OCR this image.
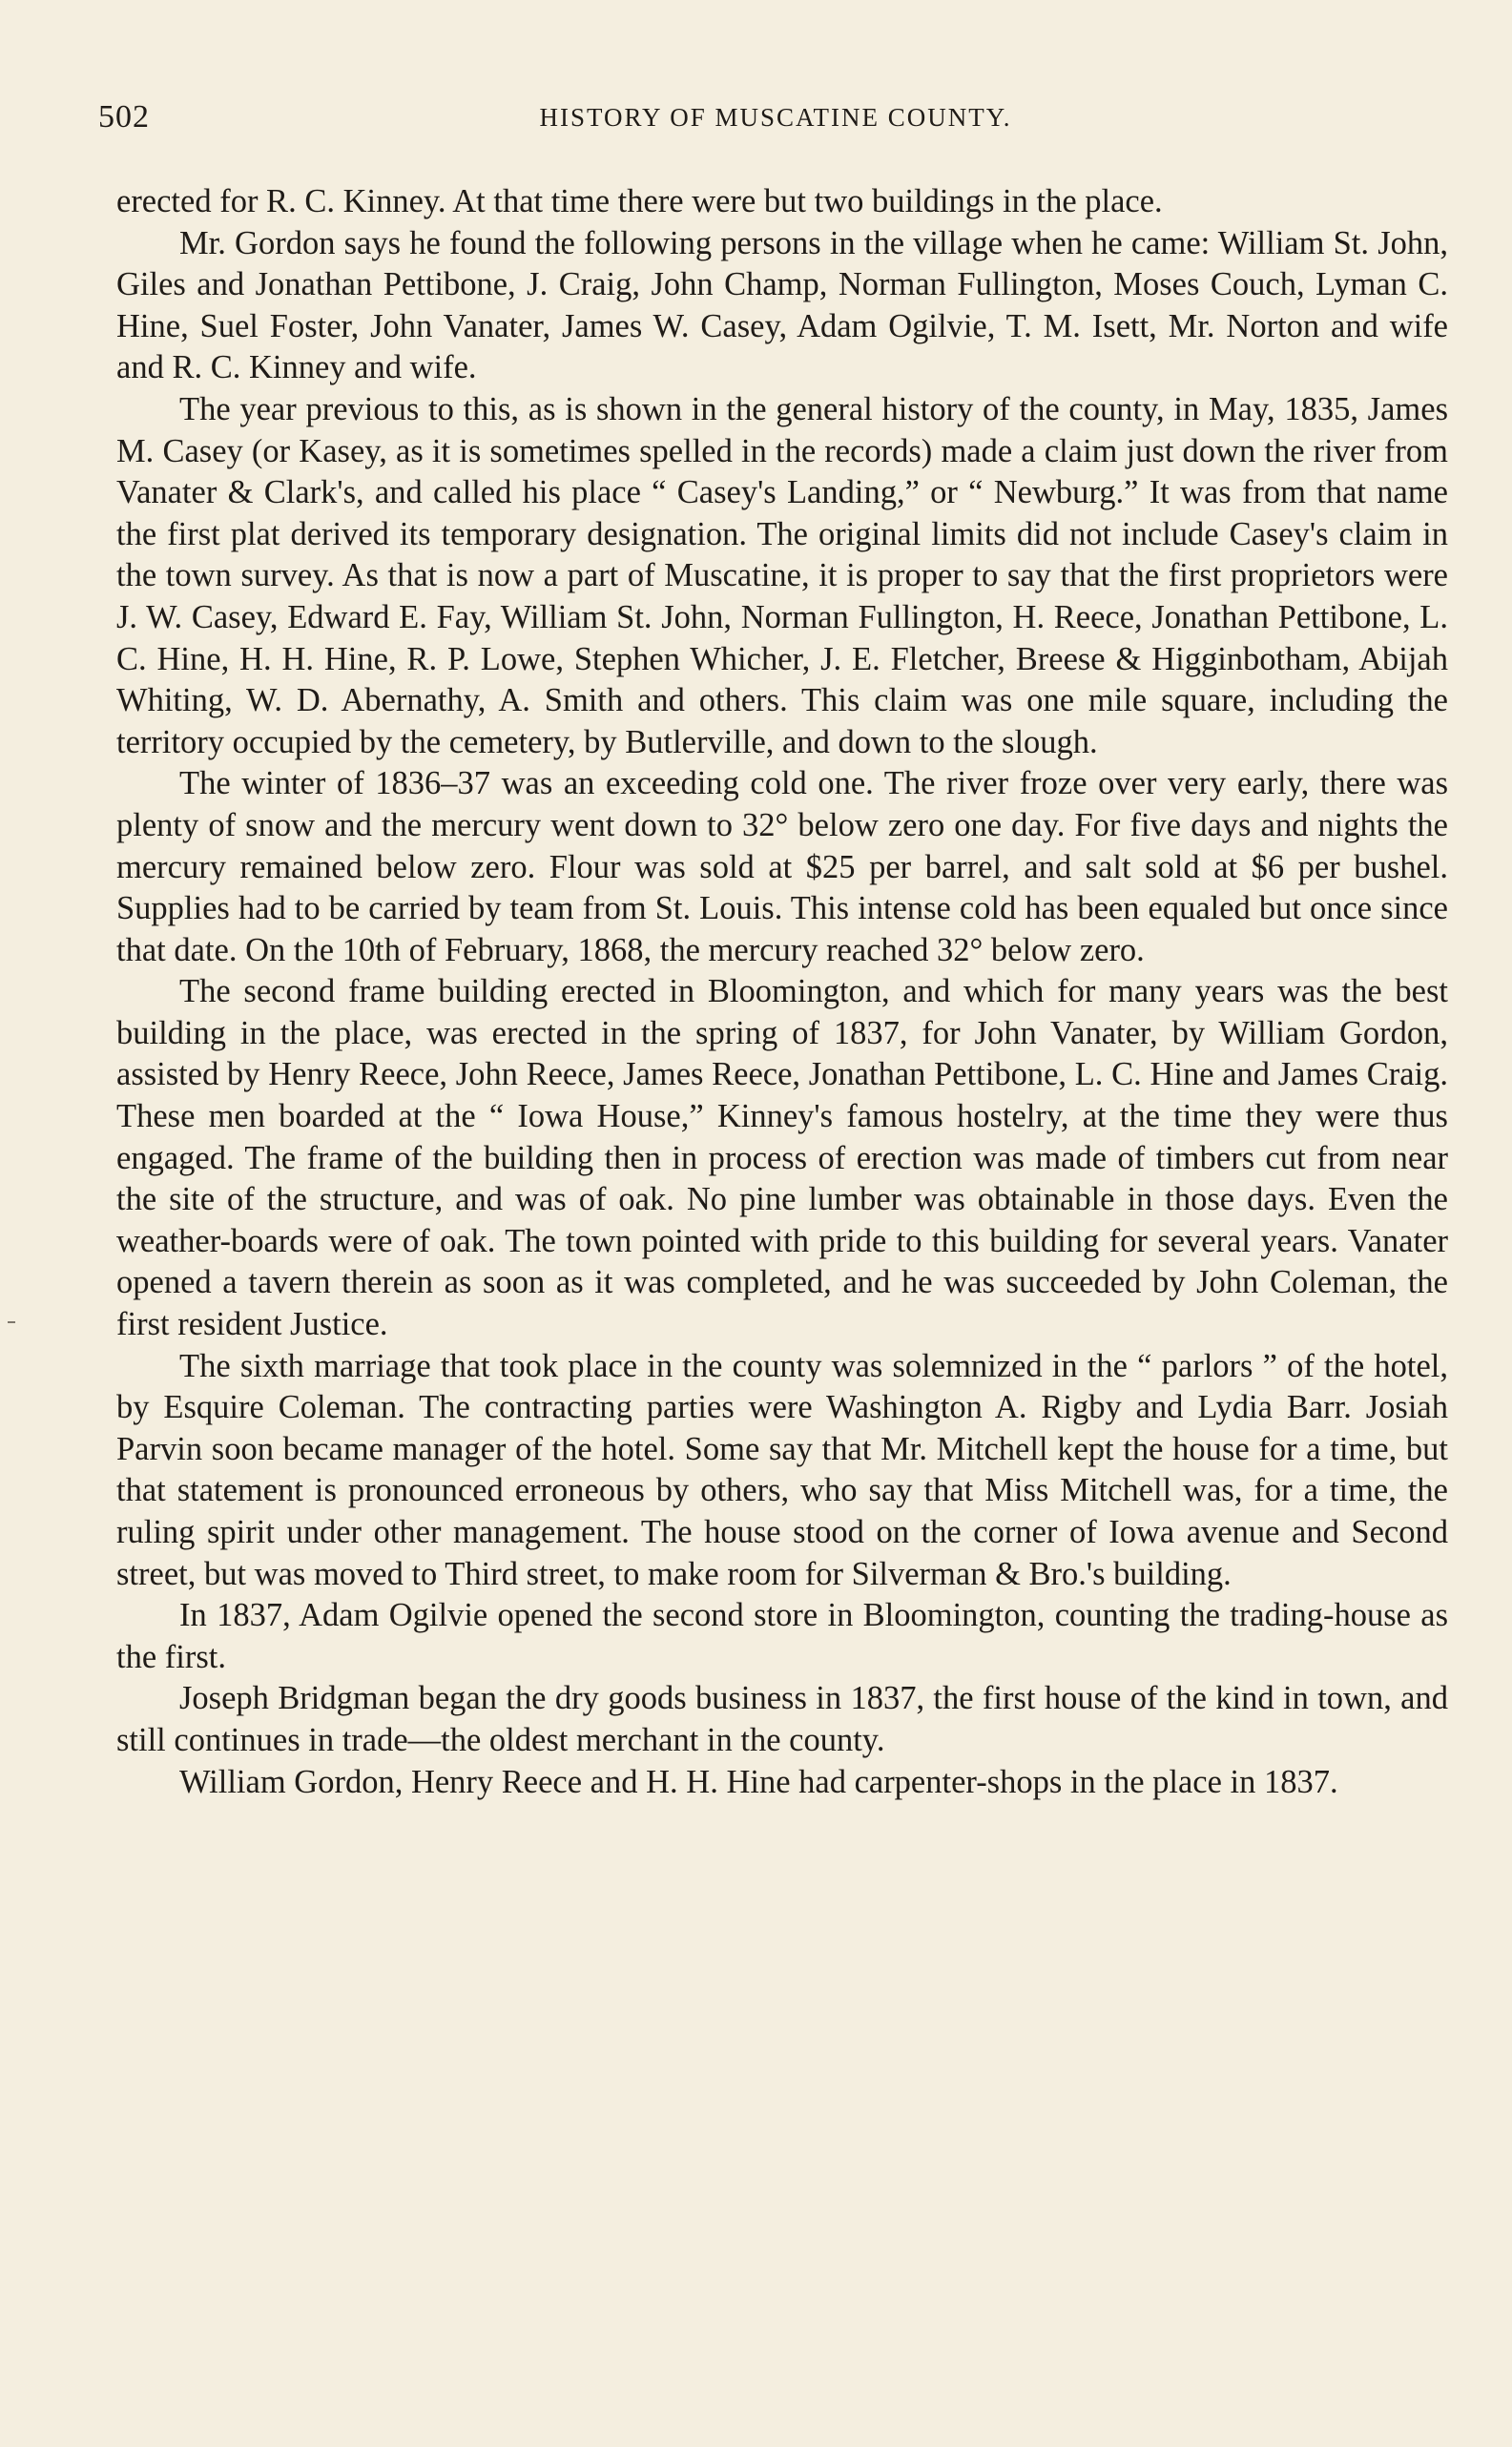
502	HISTORY OF MUSCATINE COUNTY.

erected for R. C. Kinney. At that time there were but two buildings in the place.

Mr. Gordon says he found the following persons in the village when he came: William St. John, Giles and Jonathan Pettibone, J. Craig, John Champ, Norman Fullington, Moses Couch, Lyman C. Hine, Suel Foster, John Vanater, James W. Casey, Adam Ogilvie, T. M. Isett, Mr. Norton and wife and R. C. Kinney and wife.

The year previous to this, as is shown in the general history of the county, in May, 1835, James M. Casey (or Kasey, as it is sometimes spelled in the records) made a claim just down the river from Vanater & Clark's, and called his place “ Casey's Landing,” or “ Newburg.” It was from that name the first plat derived its temporary designation. The original limits did not include Casey's claim in the town survey. As that is now a part of Muscatine, it is proper to say that the first proprietors were J. W. Casey, Edward E. Fay, William St. John, Norman Fullington, H. Reece, Jonathan Pettibone, L. C. Hine, H. H. Hine, R. P. Lowe, Stephen Whicher, J. E. Fletcher, Breese & Higginbotham, Abijah Whiting, W. D. Abernathy, A. Smith and others. This claim was one mile square, including the territory occupied by the cemetery, by Butlerville, and down to the slough.

The winter of 1836–37 was an exceeding cold one. The river froze over very early, there was plenty of snow and the mercury went down to 32° below zero one day. For five days and nights the mercury remained below zero. Flour was sold at $25 per barrel, and salt sold at $6 per bushel. Supplies had to be carried by team from St. Louis. This intense cold has been equaled but once since that date. On the 10th of February, 1868, the mercury reached 32° below zero.

The second frame building erected in Bloomington, and which for many years was the best building in the place, was erected in the spring of 1837, for John Vanater, by William Gordon, assisted by Henry Reece, John Reece, James Reece, Jonathan Pettibone, L. C. Hine and James Craig. These men boarded at the “ Iowa House,” Kinney's famous hostelry, at the time they were thus engaged. The frame of the building then in process of erection was made of timbers cut from near the site of the structure, and was of oak. No pine lumber was obtainable in those days. Even the weather-boards were of oak. The town pointed with pride to this building for several years. Vanater opened a tavern therein as soon as it was completed, and he was succeeded by John Coleman, the first resident Justice.

The sixth marriage that took place in the county was solemnized in the “ parlors ” of the hotel, by Esquire Coleman. The contracting parties were Washington A. Rigby and Lydia Barr. Josiah Parvin soon became manager of the hotel. Some say that Mr. Mitchell kept the house for a time, but that statement is pronounced erroneous by others, who say that Miss Mitchell was, for a time, the ruling spirit under other management. The house stood on the corner of Iowa avenue and Second street, but was moved to Third street, to make room for Silverman & Bro.'s building.

In 1837, Adam Ogilvie opened the second store in Bloomington, counting the trading-house as the first.

Joseph Bridgman began the dry goods business in 1837, the first house of the kind in town, and still continues in trade—the oldest merchant in the county.

William Gordon, Henry Reece and H. H. Hine had carpenter-shops in the place in 1837.
